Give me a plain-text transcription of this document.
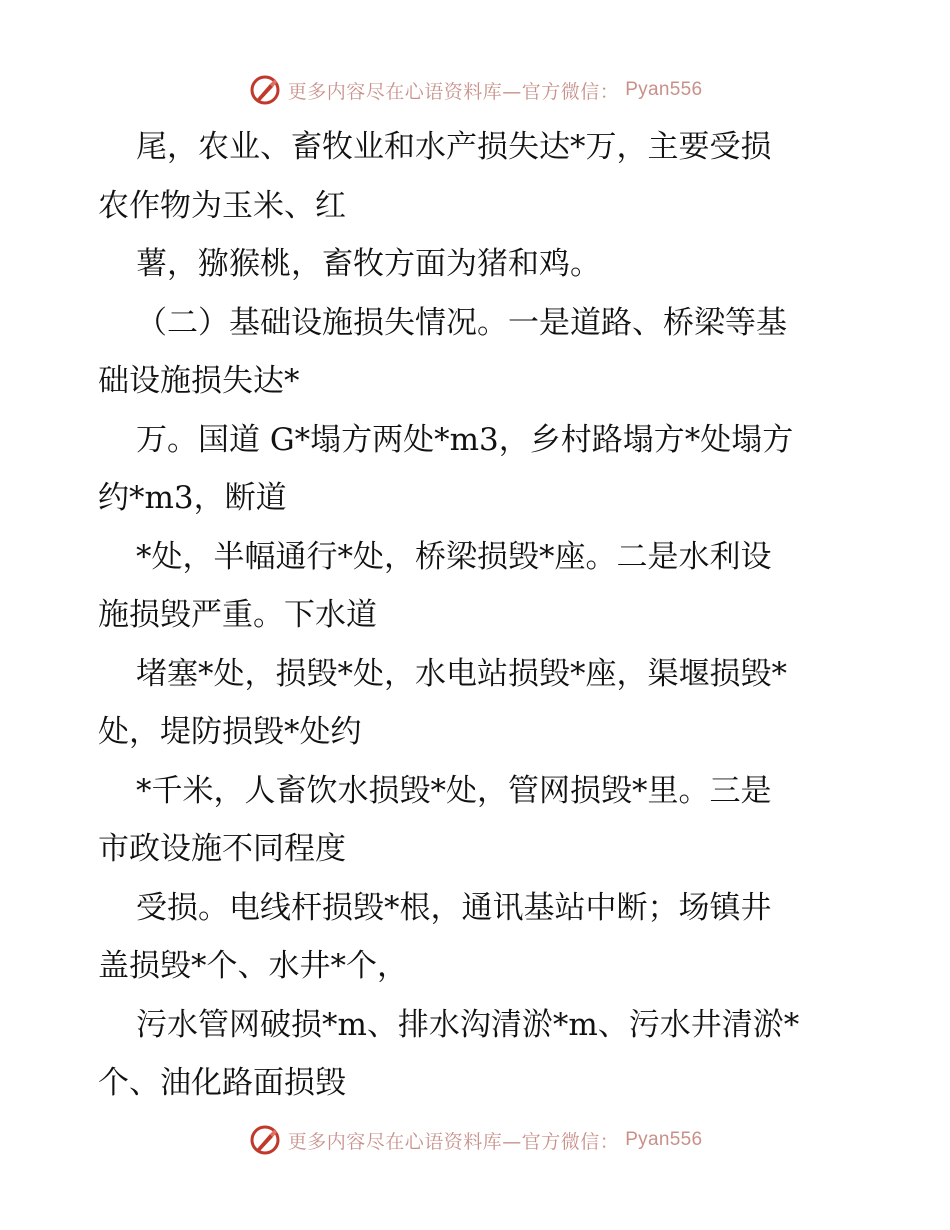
更多内容尽在心语资料库—官方微信： Pyan556
尾，农业、畜牧业和水产损失达*万，主要受损
农作物为玉米、红
薯，猕猴桃，畜牧方面为猪和鸡。
（二）基础设施损失情况。一是道路、桥梁等基
础设施损失达*
万。国道 G*塌方两处*m3，乡村路塌方*处塌方
约*m3，断道
*处，半幅通行*处，桥梁损毁*座。二是水利设
施损毁严重。下水道
堵塞*处，损毁*处，水电站损毁*座，渠堰损毁*
处，堤防损毁*处约
*千米，人畜饮水损毁*处，管网损毁*里。三是
市政设施不同程度
受损。电线杆损毁*根，通讯基站中断；场镇井
盖损毁*个、水井*个，
污水管网破损*m、排水沟清淤*m、污水井清淤*
个、油化路面损毁
更多内容尽在心语资料库—官方微信： Pyan556
